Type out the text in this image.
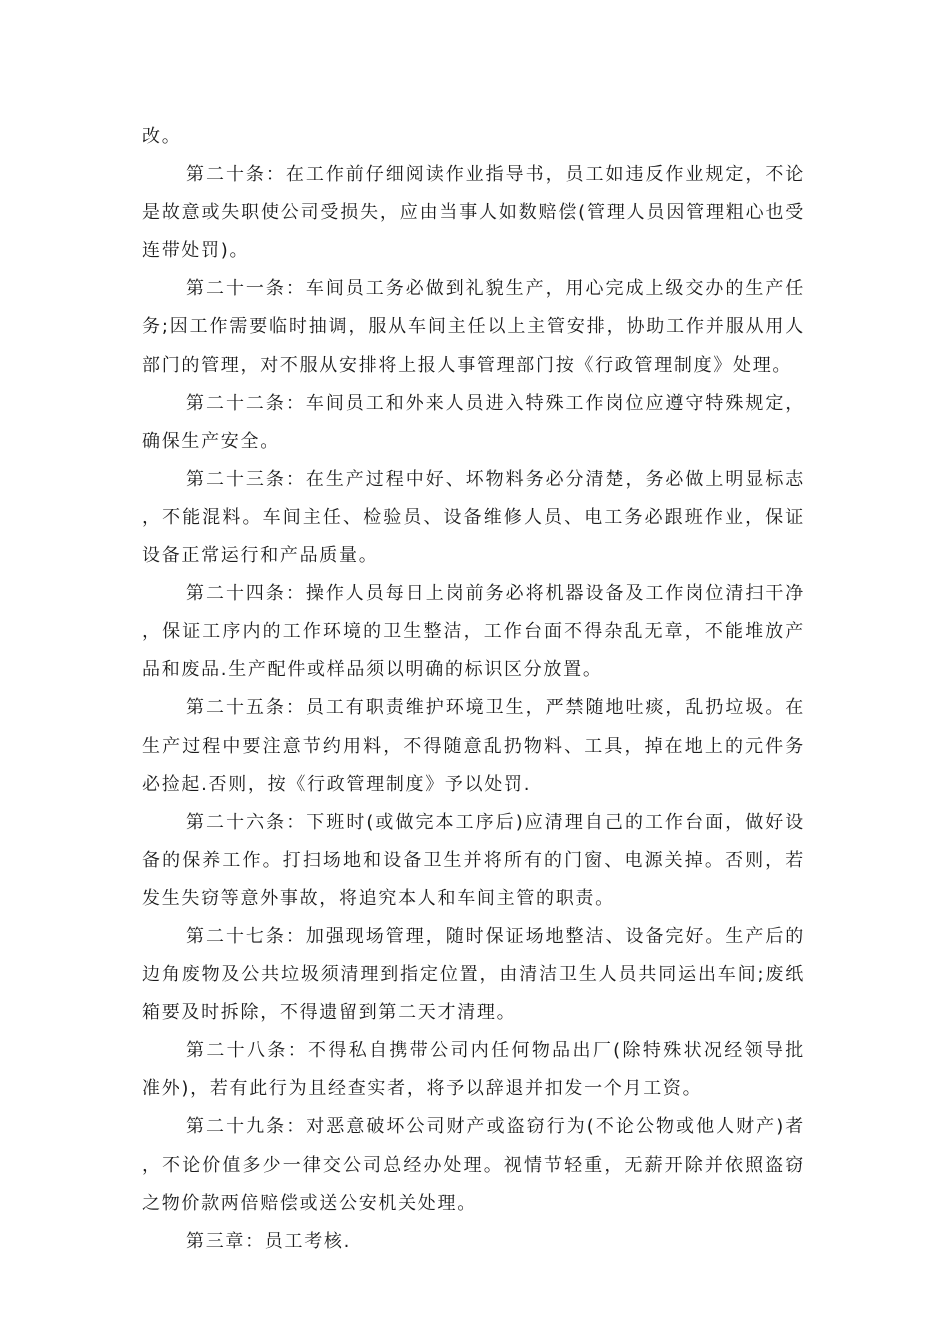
改。

第二十条：在工作前仔细阅读作业指导书，员工如违反作业规定，不论是故意或失职使公司受损失，应由当事人如数赔偿(管理人员因管理粗心也受连带处罚)。

第二十一条：车间员工务必做到礼貌生产，用心完成上级交办的生产任务;因工作需要临时抽调，服从车间主任以上主管安排，协助工作并服从用人部门的管理，对不服从安排将上报人事管理部门按《行政管理制度》处理。

第二十二条：车间员工和外来人员进入特殊工作岗位应遵守特殊规定，确保生产安全。

第二十三条：在生产过程中好、坏物料务必分清楚，务必做上明显标志，不能混料。车间主任、检验员、设备维修人员、电工务必跟班作业，保证设备正常运行和产品质量。

第二十四条：操作人员每日上岗前务必将机器设备及工作岗位清扫干净，保证工序内的工作环境的卫生整洁，工作台面不得杂乱无章，不能堆放产品和废品.生产配件或样品须以明确的标识区分放置。

第二十五条：员工有职责维护环境卫生，严禁随地吐痰，乱扔垃圾。在生产过程中要注意节约用料，不得随意乱扔物料、工具，掉在地上的元件务必捡起.否则，按《行政管理制度》予以处罚.

第二十六条：下班时(或做完本工序后)应清理自己的工作台面，做好设备的保养工作。打扫场地和设备卫生并将所有的门窗、电源关掉。否则，若发生失窃等意外事故，将追究本人和车间主管的职责。

第二十七条：加强现场管理，随时保证场地整洁、设备完好。生产后的边角废物及公共垃圾须清理到指定位置，由清洁卫生人员共同运出车间;废纸箱要及时拆除，不得遗留到第二天才清理。

第二十八条：不得私自携带公司内任何物品出厂(除特殊状况经领导批准外)，若有此行为且经查实者，将予以辞退并扣发一个月工资。

第二十九条：对恶意破坏公司财产或盗窃行为(不论公物或他人财产)者，不论价值多少一律交公司总经办处理。视情节轻重，无薪开除并依照盗窃之物价款两倍赔偿或送公安机关处理。

第三章：员工考核.
